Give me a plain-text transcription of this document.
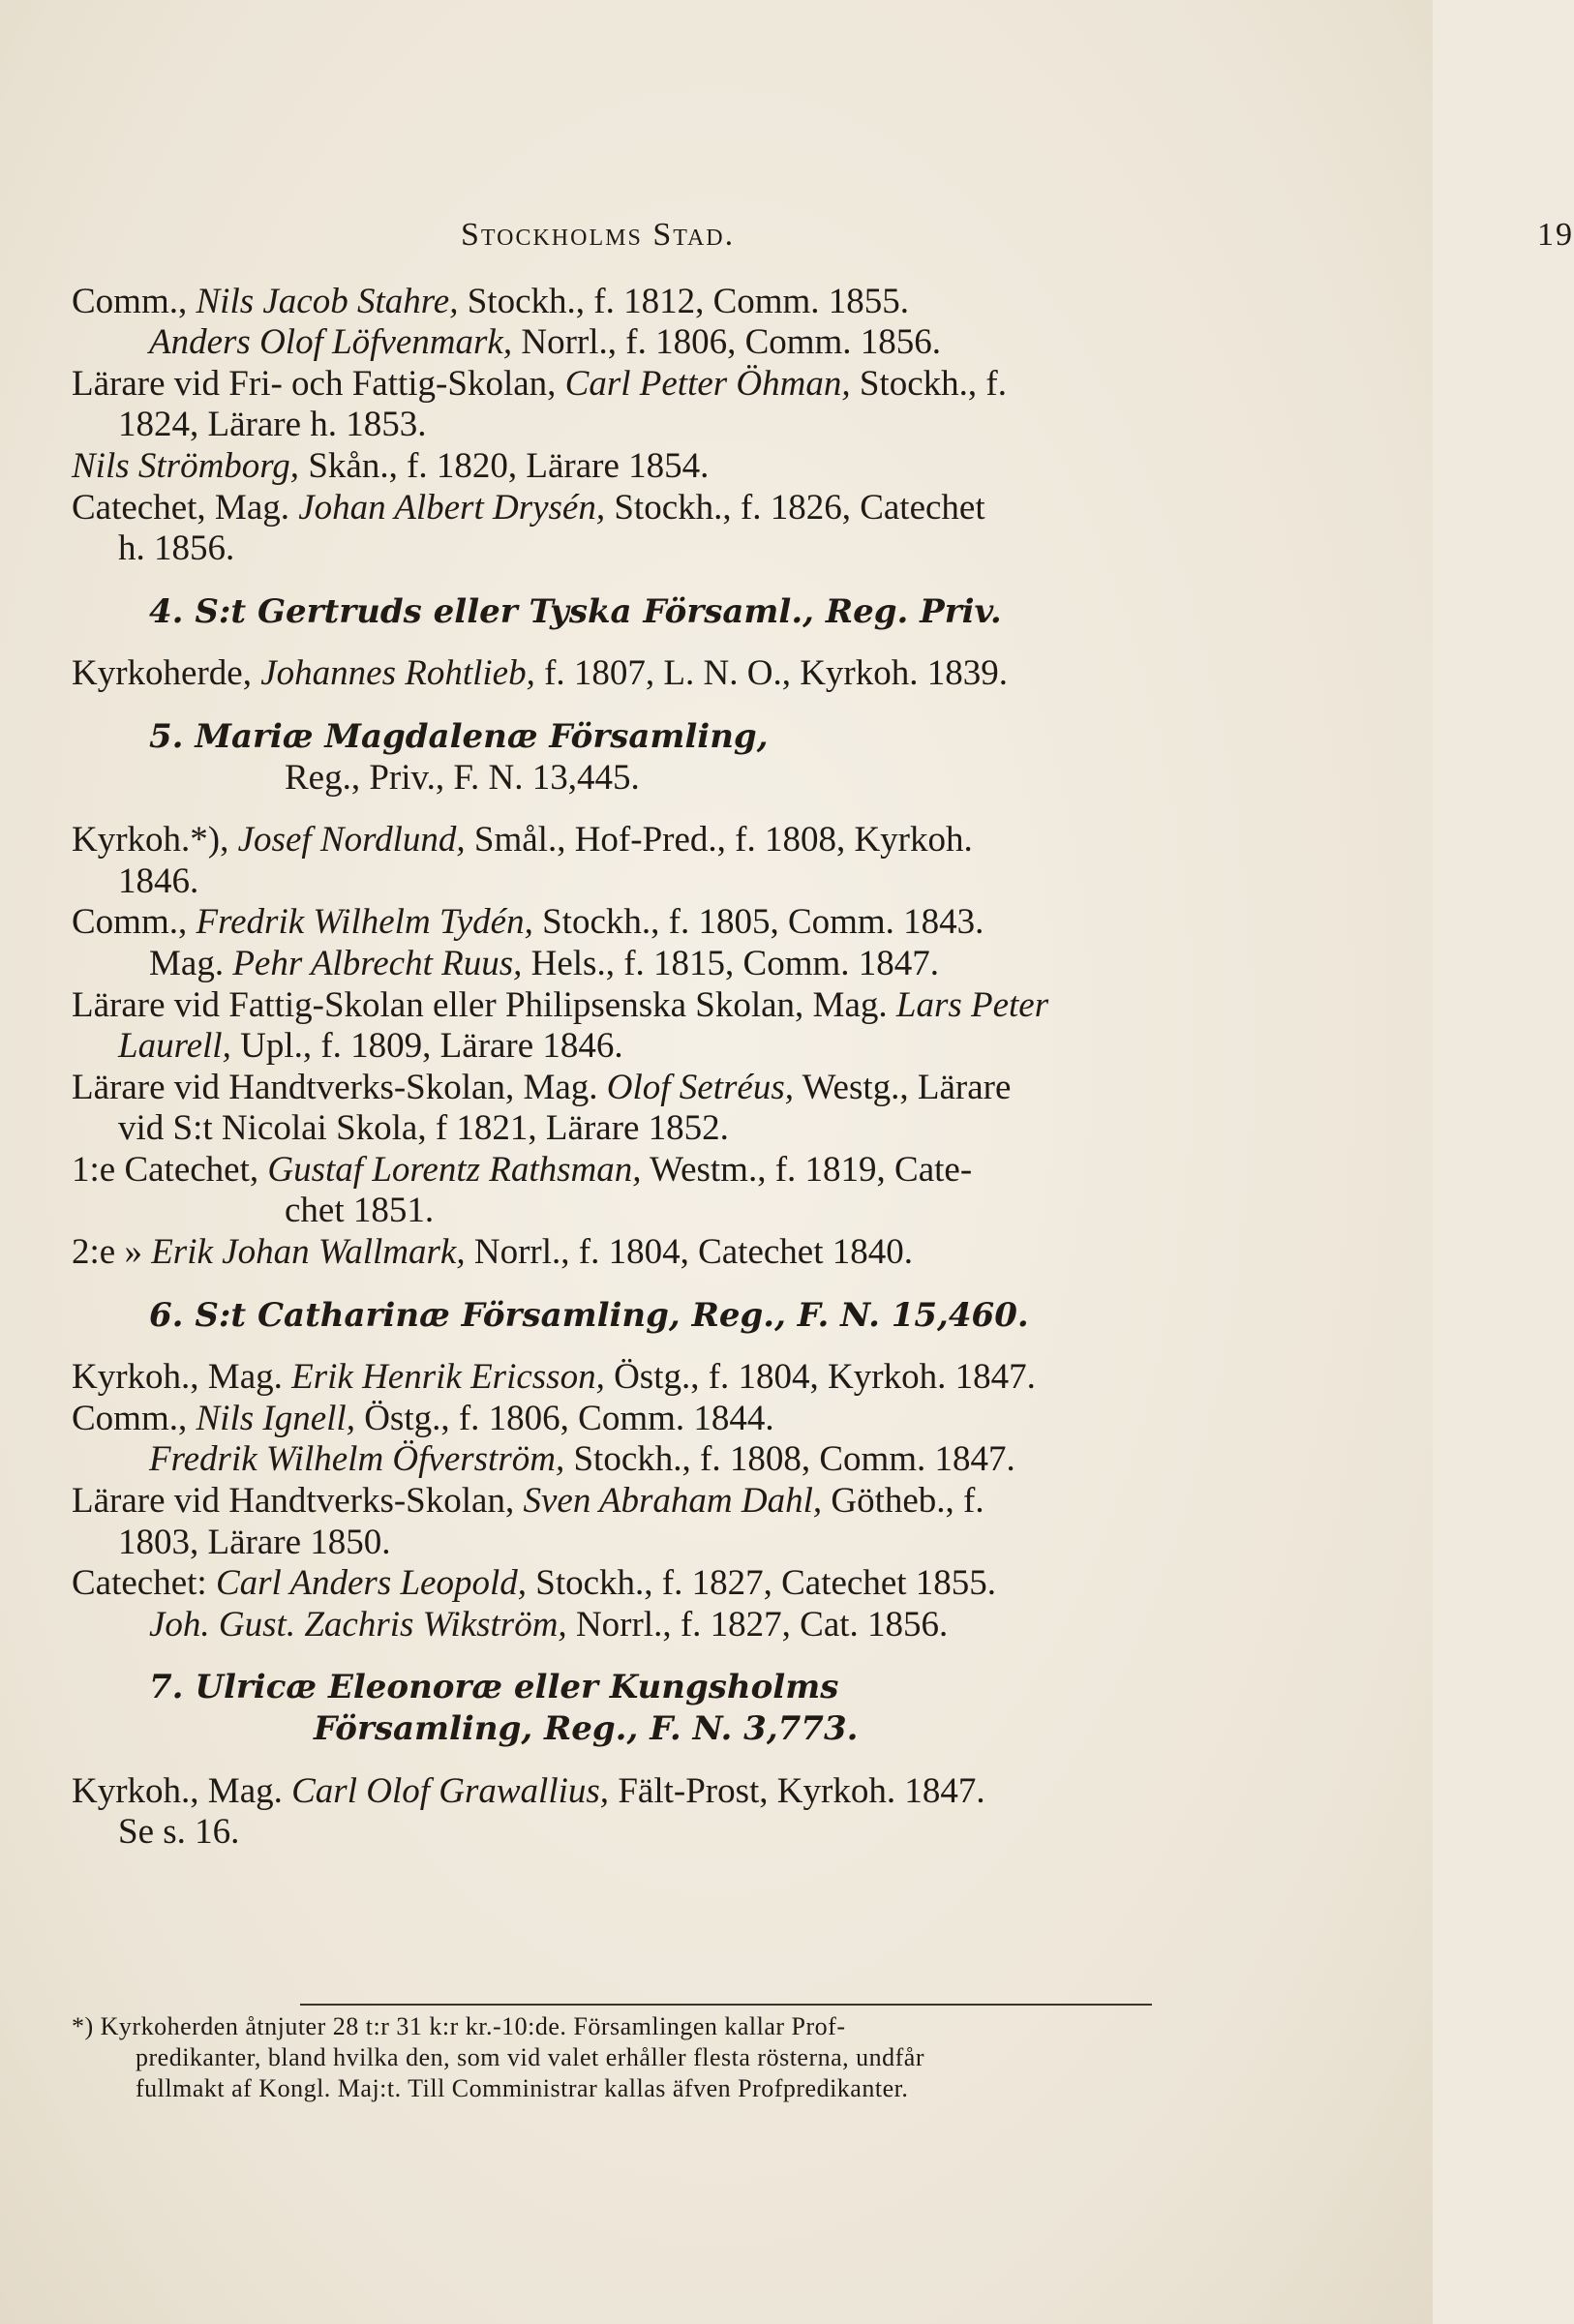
Stockholms Stad.	19
Comm., Nils Jacob Stahre, Stockh., f. 1812, Comm. 1855.
Anders Olof Löfvenmark, Norrl., f. 1806, Comm. 1856.
Lärare vid Fri- och Fattig-Skolan, Carl Petter Öhman, Stockh., f.
1824, Lärare h. 1853.
Nils Strömborg, Skån., f. 1820, Lärare 1854.
Catechet, Mag. Johan Albert Drysén, Stockh., f. 1826, Catechet
h. 1856.
4. S:t Gertruds eller Tyska Församl., Reg. Priv.
Kyrkoherde, Johannes Rohtlieb, f. 1807, L. N. O., Kyrkoh. 1839.
5. Mariæ Magdalenæ Församling,
Reg., Priv., F. N. 13,445.
Kyrkoh.*), Josef Nordlund, Smål., Hof-Pred., f. 1808, Kyrkoh.
1846.
Comm., Fredrik Wilhelm Tydén, Stockh., f. 1805, Comm. 1843.
Mag. Pehr Albrecht Ruus, Hels., f. 1815, Comm. 1847.
Lärare vid Fattig-Skolan eller Philipsenska Skolan, Mag. Lars Peter
Laurell, Upl., f. 1809, Lärare 1846.
Lärare vid Handtverks-Skolan, Mag. Olof Setréus, Westg., Lärare
vid S:t Nicolai Skola, f 1821, Lärare 1852.
1:e Catechet, Gustaf Lorentz Rathsman, Westm., f. 1819, Cate-
chet 1851.
2:e » Erik Johan Wallmark, Norrl., f. 1804, Catechet 1840.
6. S:t Catharinæ Församling, Reg., F. N. 15,460.
Kyrkoh., Mag. Erik Henrik Ericsson, Östg., f. 1804, Kyrkoh. 1847.
Comm., Nils Ignell, Östg., f. 1806, Comm. 1844.
Fredrik Wilhelm Öfverström, Stockh., f. 1808, Comm. 1847.
Lärare vid Handtverks-Skolan, Sven Abraham Dahl, Götheb., f.
1803, Lärare 1850.
Catechet: Carl Anders Leopold, Stockh., f. 1827, Catechet 1855.
Joh. Gust. Zachris Wikström, Norrl., f. 1827, Cat. 1856.
7. Ulricæ Eleonoræ eller Kungsholms
Församling, Reg., F. N. 3,773.
Kyrkoh., Mag. Carl Olof Grawallius, Fält-Prost, Kyrkoh. 1847.
Se s. 16.
*) Kyrkoherden åtnjuter 28 t:r 31 k:r kr.-10:de. Församlingen kallar Prof-
predikanter, bland hvilka den, som vid valet erhåller flesta rösterna, undfår
fullmakt af Kongl. Maj:t. Till Comministrar kallas äfven Profpredikanter.
